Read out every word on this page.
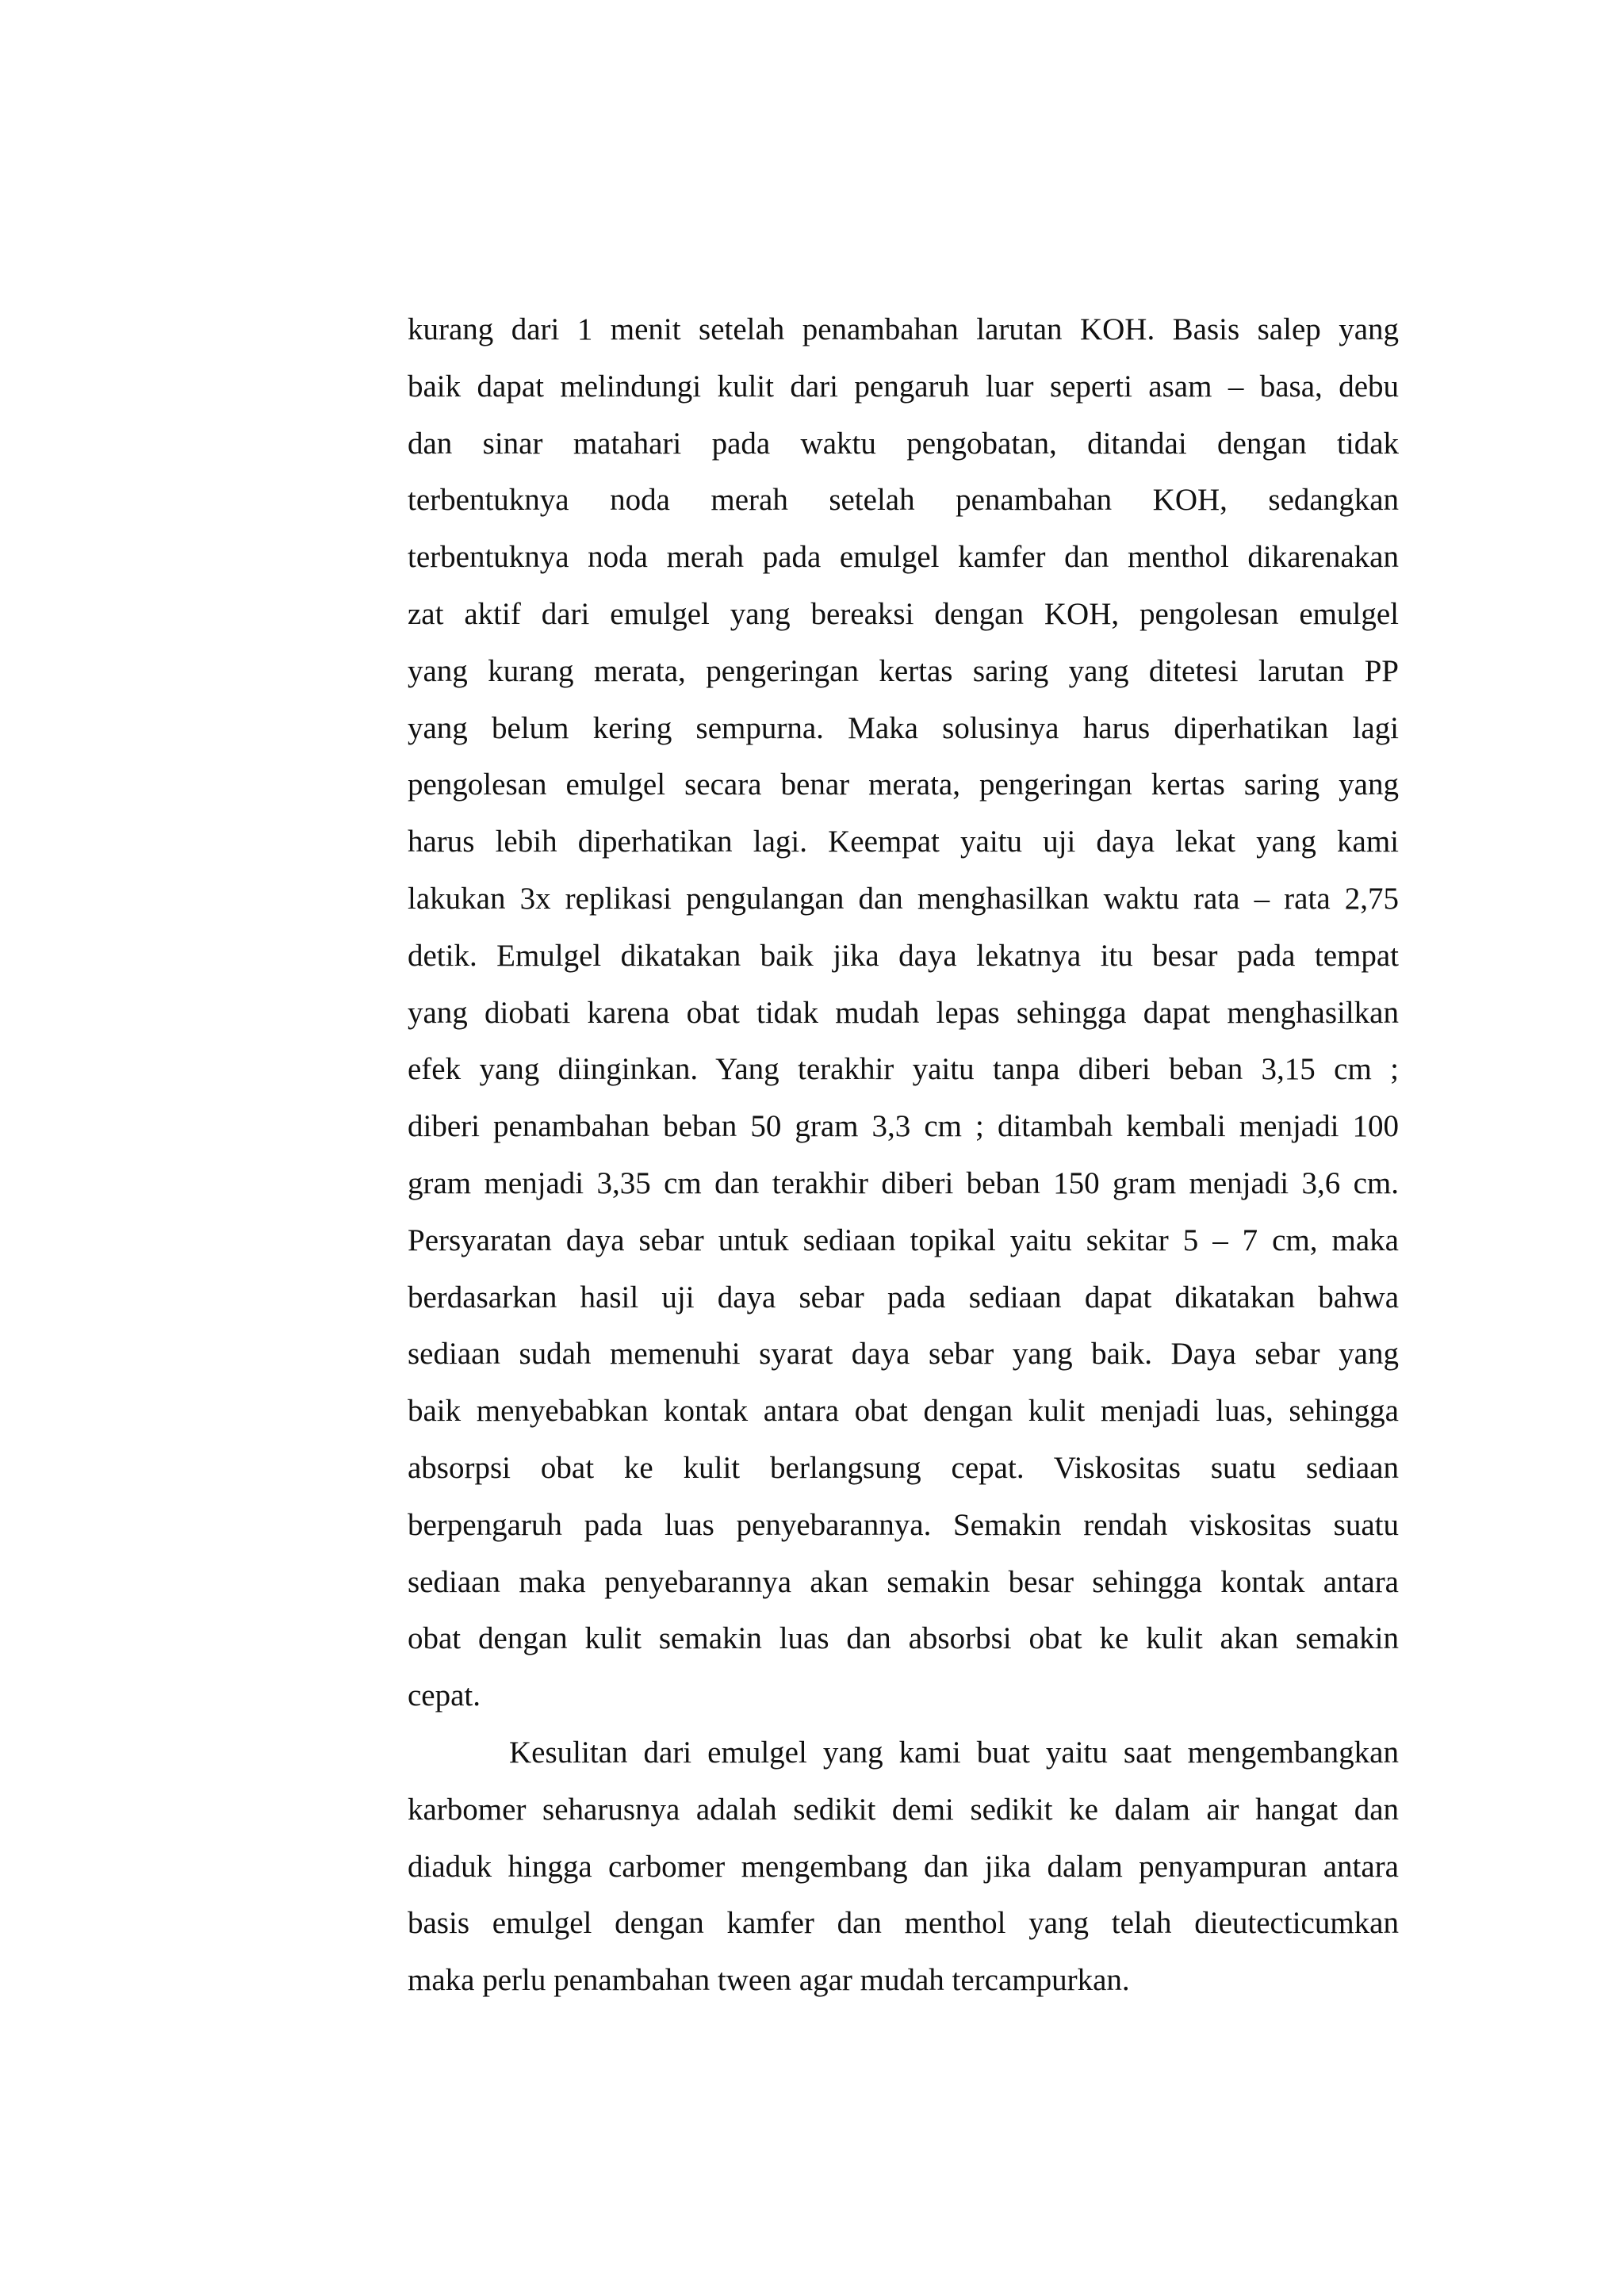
kurang dari 1 menit setelah penambahan larutan KOH. Basis salep yang
baik dapat melindungi kulit dari pengaruh luar seperti asam – basa, debu
dan sinar matahari pada waktu pengobatan, ditandai dengan tidak
terbentuknya noda merah setelah penambahan KOH, sedangkan
terbentuknya noda merah pada emulgel kamfer dan menthol dikarenakan
zat aktif dari emulgel yang bereaksi dengan KOH, pengolesan emulgel
yang kurang merata, pengeringan kertas saring yang ditetesi larutan PP
yang belum kering sempurna. Maka solusinya harus diperhatikan lagi
pengolesan emulgel secara benar merata, pengeringan kertas saring yang
harus lebih diperhatikan lagi. Keempat yaitu uji daya lekat yang kami
lakukan 3x replikasi pengulangan dan menghasilkan waktu rata – rata 2,75
detik. Emulgel dikatakan baik jika daya lekatnya itu besar pada tempat
yang diobati karena obat tidak mudah lepas sehingga dapat menghasilkan
efek yang diinginkan. Yang terakhir yaitu tanpa diberi beban 3,15 cm ;
diberi penambahan beban 50 gram 3,3 cm ; ditambah kembali menjadi 100
gram menjadi 3,35 cm dan terakhir diberi beban 150 gram menjadi 3,6 cm.
Persyaratan daya sebar untuk sediaan topikal yaitu sekitar 5 – 7 cm, maka
berdasarkan hasil uji daya sebar pada sediaan dapat dikatakan bahwa
sediaan sudah memenuhi syarat daya sebar yang baik. Daya sebar yang
baik menyebabkan kontak antara obat dengan kulit menjadi luas, sehingga
absorpsi obat ke kulit berlangsung cepat. Viskositas suatu sediaan
berpengaruh pada luas penyebarannya. Semakin rendah viskositas suatu
sediaan maka penyebarannya akan semakin besar sehingga kontak antara
obat dengan kulit semakin luas dan absorbsi obat ke kulit akan semakin
cepat.
Kesulitan dari emulgel yang kami buat yaitu saat mengembangkan
karbomer seharusnya adalah sedikit demi sedikit ke dalam air hangat dan
diaduk hingga carbomer mengembang dan jika dalam penyampuran antara
basis emulgel dengan kamfer dan menthol yang telah dieutecticumkan
maka perlu penambahan tween agar mudah tercampurkan.
